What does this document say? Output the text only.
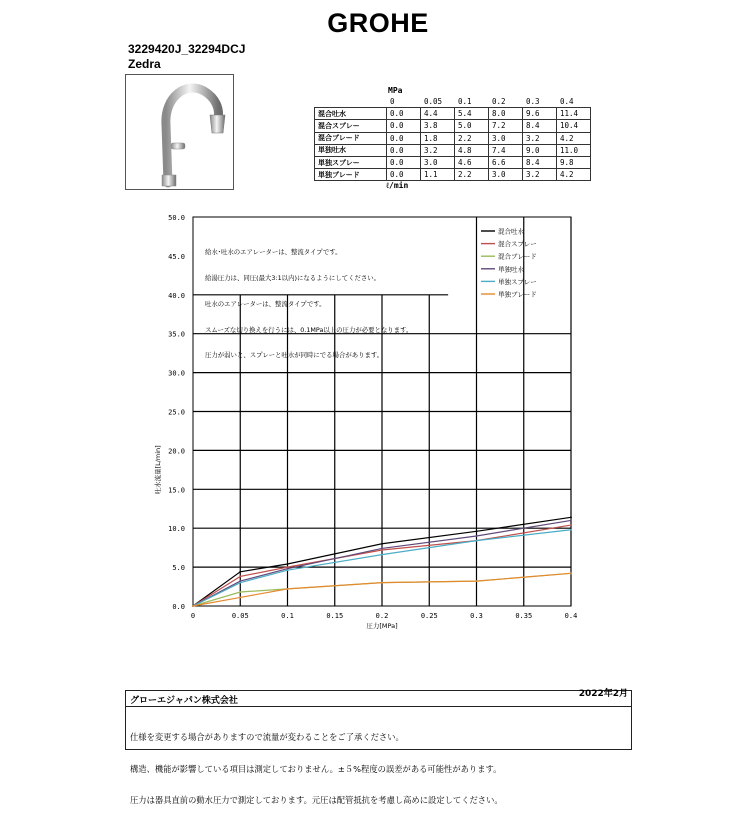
GROHE
3229420J_32294DCJ
Zedra
MPa
	0	0.05	0.1	0.2	0.3	0.4
混合吐水	0.0	4.4	5.4	8.0	9.6	11.4
混合スプレー	0.0	3.8	5.0	7.2	8.4	10.4
混合ブレード	0.0	1.8	2.2	3.0	3.2	4.2
単独吐水	0.0	3.2	4.8	7.4	9.0	11.0
単独スプレー	0.0	3.0	4.6	6.6	8.4	9.8
単独ブレード	0.0	1.1	2.2	3.0	3.2	4.2
ℓ/min
0	0.05	0.1	0.15	0.2	0.25	0.3	0.35	0.4
0.0
5.0
10.0
15.0
20.0
25.0
30.0
35.0
40.0
45.0
50.0
圧力[MPa]
吐水流量[L/min]
混合吐水
混合スプレー
混合ブレード
単独吐水
単独スプレー
単独ブレード

給水･吐水のエアレーターは、整流タイプです。

給湯圧力は、同圧(最大3:1以内)になるようにしてください。

吐水のエアレーターは、整流タイプです。

スムーズな切り換えを行うには、0.1MPa以上の圧力が必要となります。

圧力が弱いと、スプレーと吐水が同時にでる場合があります。

グローエジャパン株式会社
2022年2月

仕様を変更する場合がありますので流量が変わることをご了承ください。

構造、機能が影響している項目は測定しておりません。±５%程度の誤差がある可能性があります。

圧力は器具直前の動水圧力で測定しております。元圧は配管抵抗を考慮し高めに設定してください。
